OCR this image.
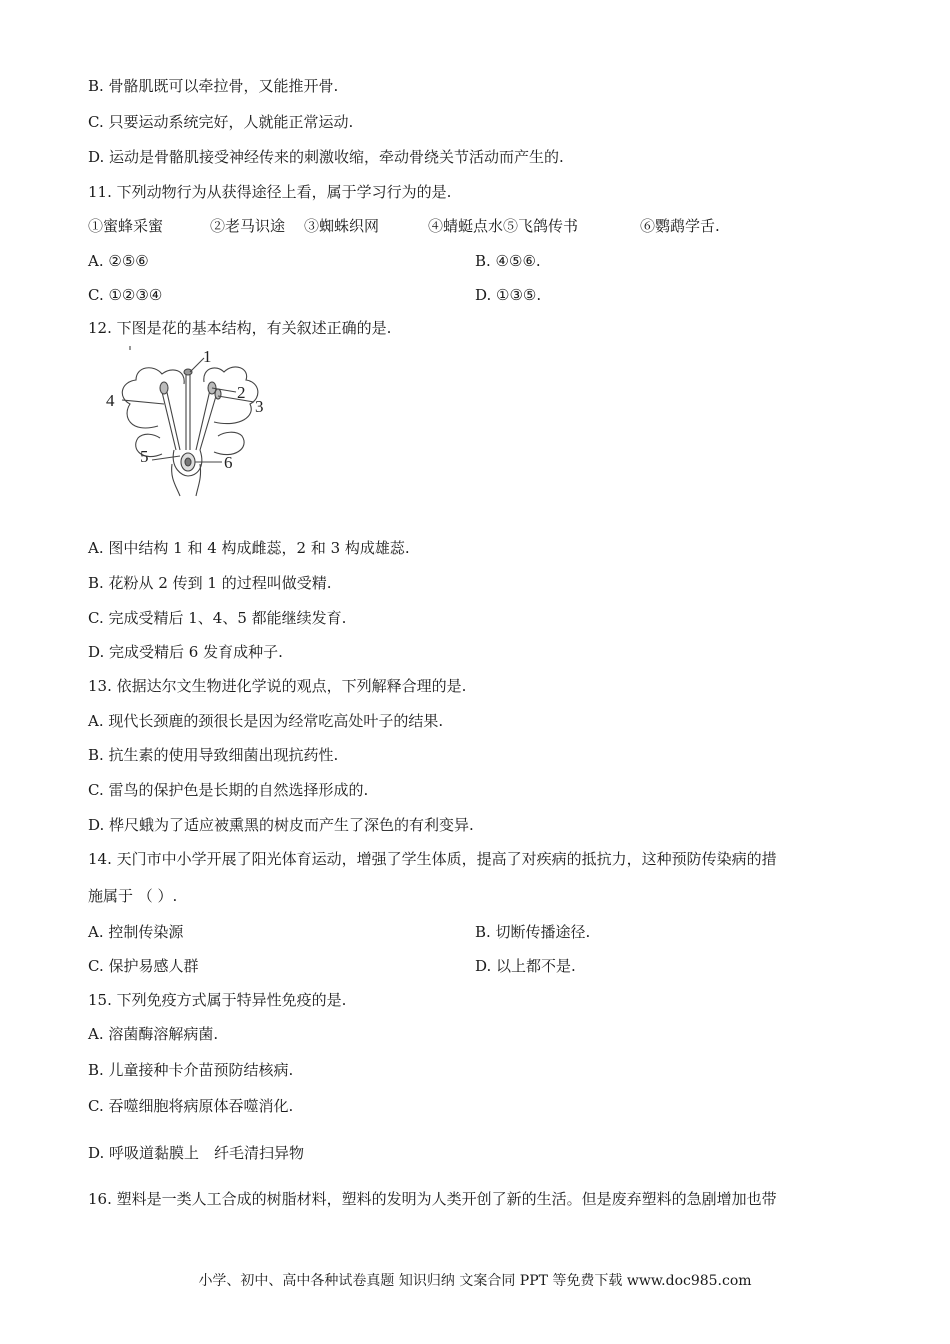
B. 骨骼肌既可以牵拉骨，又能推开骨.
C. 只要运动系统完好，人就能正常运动.
D. 运动是骨骼肌接受神经传来的刺激收缩，牵动骨绕关节活动而产生的.
11. 下列动物行为从获得途径上看，属于学习行为的是.
①蜜蜂采蜜	②老马识途 ③蜘蛛织网	④蜻蜓点水⑤飞鸽传书	⑥鹦鹉学舌.
A. ②⑤⑥	B. ④⑤⑥.
C. ①②③④	D. ①③⑤.
12. 下图是花的基本结构，有关叙述正确的是.
1
2
3
4
5	6
A. 图中结构 1 和 4 构成雌蕊，2 和 3 构成雄蕊.
B. 花粉从 2 传到 1 的过程叫做受精.
C. 完成受精后 1、4、5 都能继续发育.
D. 完成受精后 6 发育成种子.
13. 依据达尔文生物进化学说的观点，下列解释合理的是.
A. 现代长颈鹿的颈很长是因为经常吃高处叶子的结果.
B. 抗生素的使用导致细菌出现抗药性.
C. 雷鸟的保护色是长期的自然选择形成的.
D. 桦尺蛾为了适应被熏黑的树皮而产生了深色的有利变异.
14. 天门市中小学开展了阳光体育运动，增强了学生体质，提高了对疾病的抵抗力，这种预防传染病的措
施属于 （ ）.
A. 控制传染源	B. 切断传播途径.
C. 保护易感人群	D. 以上都不是.
15. 下列免疫方式属于特异性免疫的是.
A. 溶菌酶溶解病菌.
B. 儿童接种卡介苗预防结核病.
C. 吞噬细胞将病原体吞噬消化.
D. 呼吸道黏膜上　纤毛清扫异物
16. 塑料是一类人工合成的树脂材料，塑料的发明为人类开创了新的生活。但是废弃塑料的急剧增加也带
小学、初中、高中各种试卷真题 知识归纳 文案合同 PPT 等免费下载 www.doc985.com
